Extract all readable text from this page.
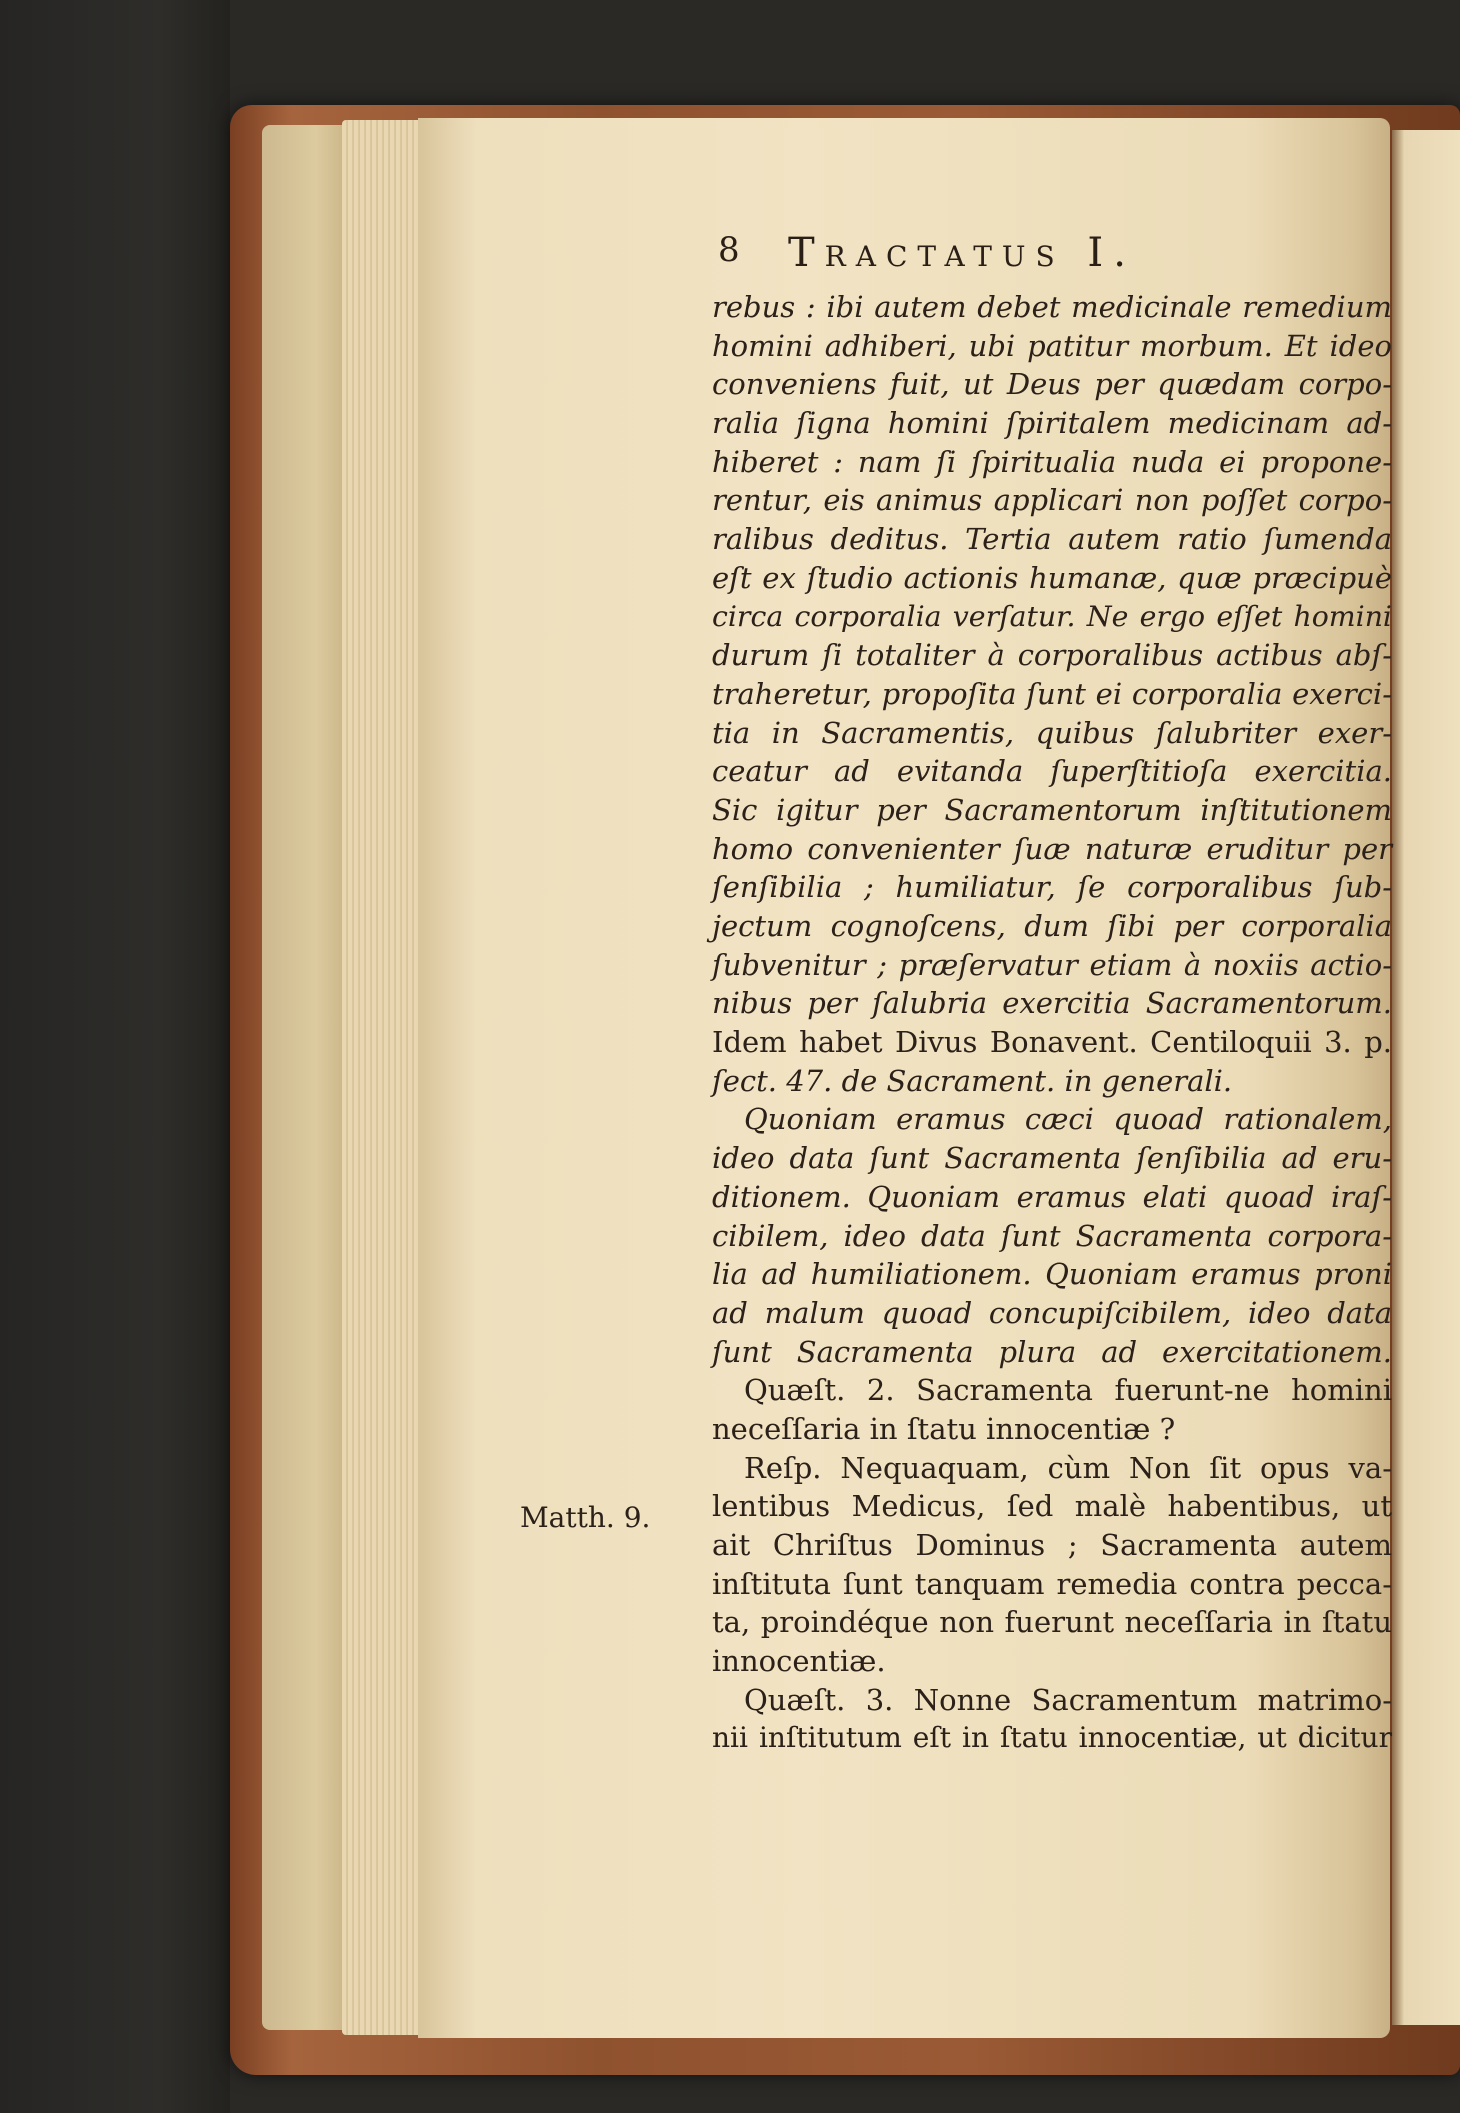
8 Tractatus I.
Matth. 9.
rebus : ibi autem debet medicinale remedium
homini adhiberi, ubi patitur morbum. Et ideo
conveniens fuit, ut Deus per quædam corpo-
ralia ſigna homini ſpiritalem medicinam ad-
hiberet : nam ſi ſpiritualia nuda ei propone-
rentur, eis animus applicari non poſſet corpo-
ralibus deditus. Tertia autem ratio ſumenda
eſt ex ſtudio actionis humanæ, quæ præcipuè
circa corporalia verſatur. Ne ergo eſſet homini
durum ſi totaliter à corporalibus actibus abſ-
traheretur, propoſita ſunt ei corporalia exerci-
tia in Sacramentis, quibus ſalubriter exer-
ceatur ad evitanda ſuperſtitioſa exercitia.
Sic igitur per Sacramentorum inſtitutionem
homo convenienter ſuæ naturæ eruditur per
ſenſibilia ; humiliatur, ſe corporalibus ſub-
jectum cognoſcens, dum ſibi per corporalia
ſubvenitur ; præſervatur etiam à noxiis actio-
nibus per ſalubria exercitia Sacramentorum.
Idem habet Divus Bonavent. Centiloquii 3. p.
ſect. 47. de Sacrament. in generali.
Quoniam eramus cæci quoad rationalem,
ideo data ſunt Sacramenta ſenſibilia ad eru-
ditionem. Quoniam eramus elati quoad iraſ-
cibilem, ideo data ſunt Sacramenta corpora-
lia ad humiliationem. Quoniam eramus proni
ad malum quoad concupiſcibilem, ideo data
ſunt Sacramenta plura ad exercitationem.
Quæſt. 2. Sacramenta fuerunt-ne homini
neceſſaria in ſtatu innocentiæ ?
Reſp. Nequaquam, cùm Non ſit opus va-
lentibus Medicus, ſed malè habentibus, ut
ait Chriſtus Dominus ; Sacramenta autem
inſtituta ſunt tanquam remedia contra pecca-
ta, proindéque non fuerunt neceſſaria in ſtatu
innocentiæ.
Quæſt. 3. Nonne Sacramentum matrimo-
nii inſtitutum eſt in ſtatu innocentiæ, ut dicitur
